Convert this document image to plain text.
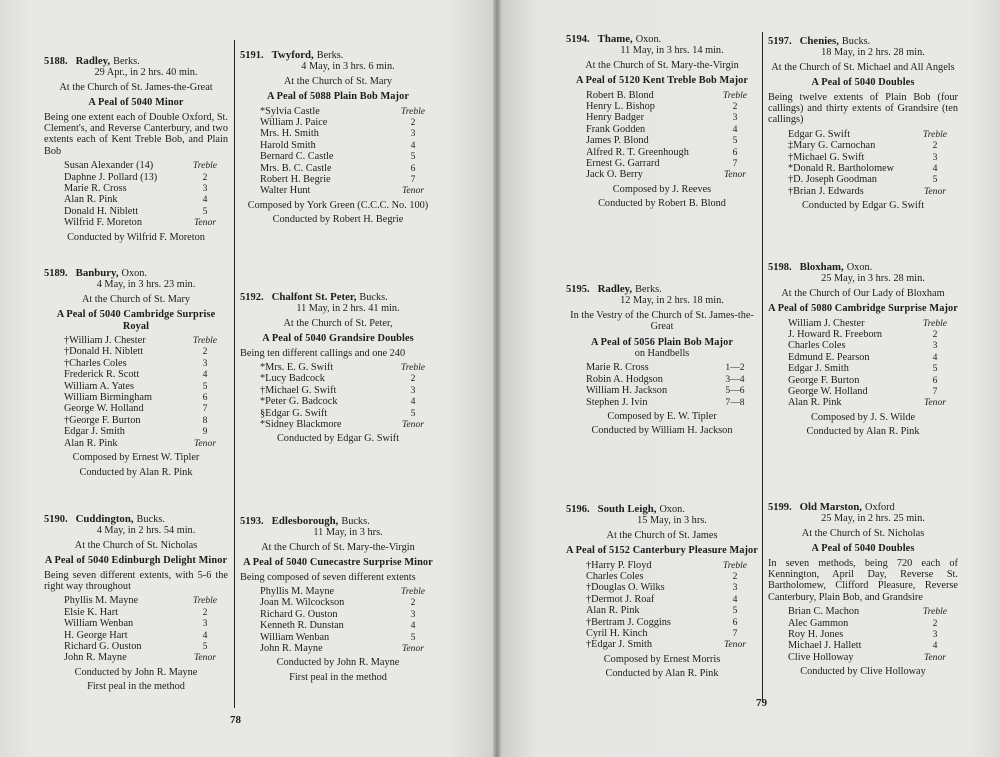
5188. Radley, Berks.
29 Apr., in 2 hrs. 40 min.
At the Church of St. James-the-Great
A Peal of 5040 Minor
Being one extent each of Double Oxford, St. Clement's, and Reverse Canterbury, and two extents each of Kent Treble Bob, and Plain Bob
Susan Alexander (14)	Treble
Daphne J. Pollard (13)	2
Marie R. Cross	3
Alan R. Pink	4
Donald H. Niblett	5
Wilfrid F. Moreton	Tenor
Conducted by Wilfrid F. Moreton
5189. Banbury, Oxon.
4 May, in 3 hrs. 23 min.
At the Church of St. Mary
A Peal of 5040 Cambridge Surprise Royal
†William J. Chester	Treble
†Donald H. Niblett	2
†Charles Coles	3
Frederick R. Scott	4
William A. Yates	5
William Birmingham	6
George W. Holland	7
†George F. Burton	8
Edgar J. Smith	9
Alan R. Pink	Tenor
Composed by Ernest W. Tipler
Conducted by Alan R. Pink
5190. Cuddington, Bucks.
4 May, in 2 hrs. 54 min.
At the Church of St. Nicholas
A Peal of 5040 Edinburgh Delight Minor
Being seven different extents, with 5-6 the right way throughout
Phyllis M. Mayne	Treble
Elsie K. Hart	2
William Wenban	3
H. George Hart	4
Richard G. Ouston	5
John R. Mayne	Tenor
Conducted by John R. Mayne
First peal in the method
5191. Twyford, Berks.
4 May, in 3 hrs. 6 min.
At the Church of St. Mary
A Peal of 5088 Plain Bob Major
*Sylvia Castle	Treble
William J. Paice	2
Mrs. H. Smith	3
Harold Smith	4
Bernard C. Castle	5
Mrs. B. C. Castle	6
Robert H. Begrie	7
Walter Hunt	Tenor
Composed by York Green (C.C.C. No. 100)
Conducted by Robert H. Begrie
5192. Chalfont St. Peter, Bucks.
11 May, in 2 hrs. 41 min.
At the Church of St. Peter,
A Peal of 5040 Grandsire Doubles
Being ten different callings and one 240
*Mrs. E. G. Swift	Treble
*Lucy Badcock	2
†Michael G. Swift	3
*Peter G. Badcock	4
§Edgar G. Swift	5
*Sidney Blackmore	Tenor
Conducted by Edgar G. Swift
5193. Edlesborough, Bucks.
11 May, in 3 hrs.
At the Church of St. Mary-the-Virgin
A Peal of 5040 Cunecastre Surprise Minor
Being composed of seven different extents
Phyllis M. Mayne	Treble
Joan M. Wilcockson	2
Richard G. Ouston	3
Kenneth R. Dunstan	4
William Wenban	5
John R. Mayne	Tenor
Conducted by John R. Mayne
First peal in the method
5194. Thame, Oxon.
11 May, in 3 hrs. 14 min.
At the Church of St. Mary-the-Virgin
A Peal of 5120 Kent Treble Bob Major
Robert B. Blond	Treble
Henry L. Bishop	2
Henry Badger	3
Frank Godden	4
James P. Blond	5
Alfred R. T. Greenhough	6
Ernest G. Garrard	7
Jack O. Berry	Tenor
Composed by J. Reeves
Conducted by Robert B. Blond
5195. Radley, Berks.
12 May, in 2 hrs. 18 min.
In the Vestry of the Church of St. James-the-Great
A Peal of 5056 Plain Bob Major
on Handbells
Marie R. Cross	1—2
Robin A. Hodgson	3—4
William H. Jackson	5—6
Stephen J. Ivin	7—8
Composed by E. W. Tipler
Conducted by William H. Jackson
5196. South Leigh, Oxon.
15 May, in 3 hrs.
At the Church of St. James
A Peal of 5152 Canterbury Pleasure Major
†Harry P. Floyd	Treble
Charles Coles	2
†Douglas O. Wilks	3
†Dermot J. Roaf	4
Alan R. Pink	5
†Bertram J. Coggins	6
Cyril H. Kinch	7
†Edgar J. Smith	Tenor
Composed by Ernest Morris
Conducted by Alan R. Pink
5197. Chenies, Bucks.
18 May, in 2 hrs. 28 min.
At the Church of St. Michael and All Angels
A Peal of 5040 Doubles
Being twelve extents of Plain Bob (four callings) and thirty extents of Grandsire (ten callings)
Edgar G. Swift	Treble
‡Mary G. Carnochan	2
†Michael G. Swift	3
*Donald R. Bartholomew	4
†D. Joseph Goodman	5
†Brian J. Edwards	Tenor
Conducted by Edgar G. Swift
5198. Bloxham, Oxon.
25 May, in 3 hrs. 28 min.
At the Church of Our Lady of Bloxham
A Peal of 5080 Cambridge Surprise Major
William J. Chester	Treble
J. Howard R. Freeborn	2
Charles Coles	3
Edmund E. Pearson	4
Edgar J. Smith	5
George F. Burton	6
George W. Holland	7
Alan R. Pink	Tenor
Composed by J. S. Wilde
Conducted by Alan R. Pink
5199. Old Marston, Oxford
25 May, in 2 hrs. 25 min.
At the Church of St. Nicholas
A Peal of 5040 Doubles
In seven methods, being 720 each of Kennington, April Day, Reverse St. Bartholomew, Clifford Pleasure, Reverse Canterbury, Plain Bob, and Grandsire
Brian C. Machon	Treble
Alec Gammon	2
Roy H. Jones	3
Michael J. Hallett	4
Clive Holloway	Tenor
Conducted by Clive Holloway
78
79
